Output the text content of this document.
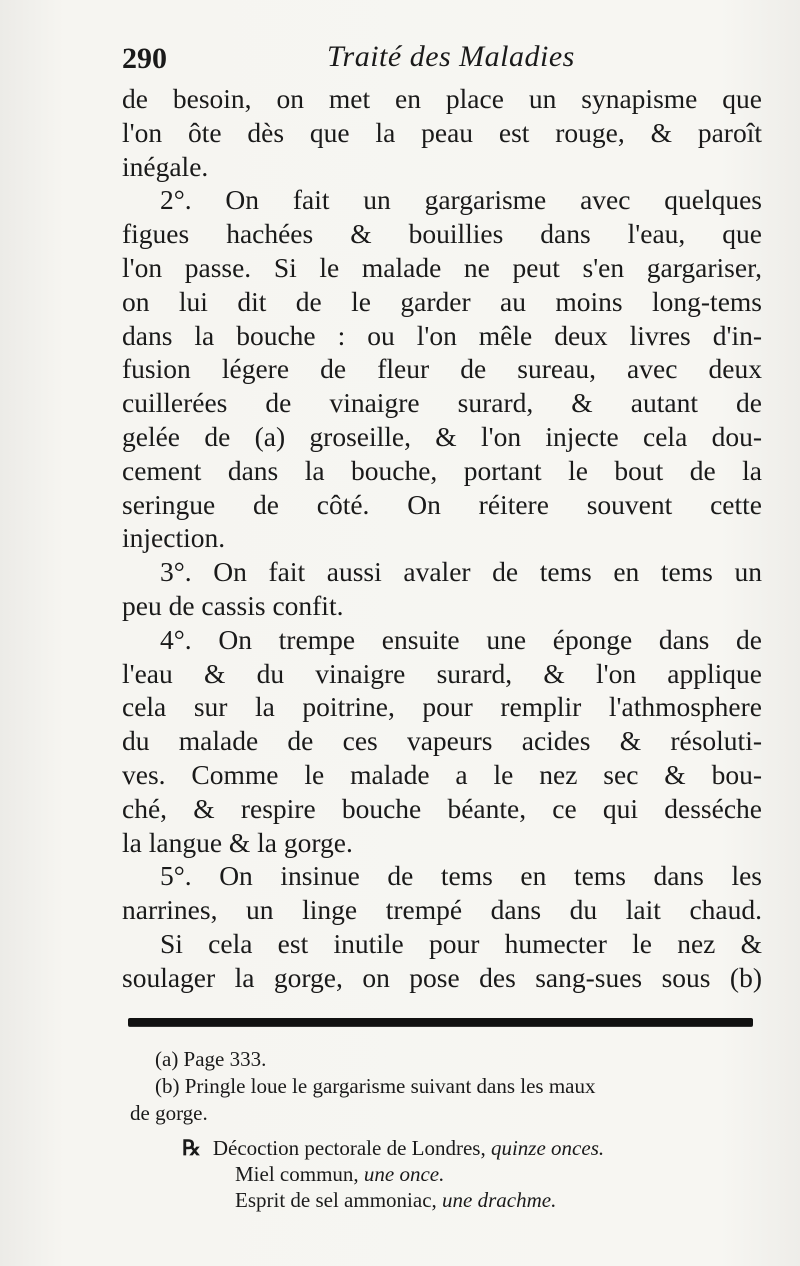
290	Traité des Maladies
de besoin, on met en place un synapisme que
l'on ôte dès que la peau est rouge, & paroît
inégale.
2°. On fait un gargarisme avec quelques
figues hachées & bouillies dans l'eau, que
l'on passe. Si le malade ne peut s'en gargariser,
on lui dit de le garder au moins long-tems
dans la bouche : ou l'on mêle deux livres d'in-
fusion légere de fleur de sureau, avec deux
cuillerées de vinaigre surard, & autant de
gelée de (a) groseille, & l'on injecte cela dou-
cement dans la bouche, portant le bout de la
seringue de côté. On réitere souvent cette
injection.
3°. On fait aussi avaler de tems en tems un
peu de cassis confit.
4°. On trempe ensuite une éponge dans de
l'eau & du vinaigre surard, & l'on applique
cela sur la poitrine, pour remplir l'athmosphere
du malade de ces vapeurs acides & résoluti-
ves. Comme le malade a le nez sec & bou-
ché, & respire bouche béante, ce qui desséche
la langue & la gorge.
5°. On insinue de tems en tems dans les
narrines, un linge trempé dans du lait chaud.
Si cela est inutile pour humecter le nez &
soulager la gorge, on pose des sang-sues sous (b)
(a) Page 333.
(b) Pringle loue le gargarisme suivant dans les maux
de gorge.
℞ Décoction pectorale de Londres, quinze onces.
Miel commun, une once.
Esprit de sel ammoniac, une drachme.
